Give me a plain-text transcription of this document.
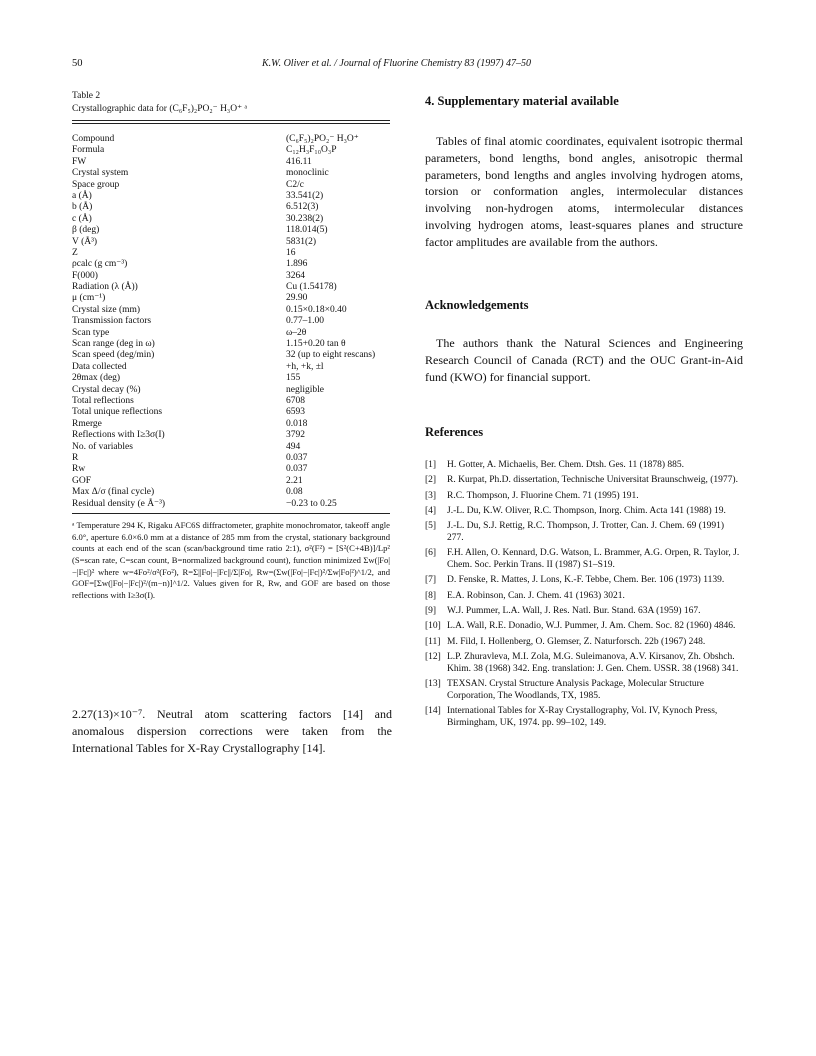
50	K.W. Oliver et al. / Journal of Fluorine Chemistry 83 (1997) 47–50
Table 2
Crystallographic data for (C₆F₅)₂PO₂⁻ H₃O⁺ ᵃ
Compound	(C₆F₅)₂PO₂⁻ H₃O⁺
Formula	C₁₂H₃F₁₀O₃P
FW	416.11
Crystal system	monoclinic
Space group	C2/c
a (Å)	33.541(2)
b (Å)	6.512(3)
c (Å)	30.238(2)
β (deg)	118.014(5)
V (Å³)	5831(2)
Z	16
ρcalc (g cm⁻³)	1.896
F(000)	3264
Radiation (λ (Å))	Cu (1.54178)
μ (cm⁻¹)	29.90
Crystal size (mm)	0.15×0.18×0.40
Transmission factors	0.77–1.00
Scan type	ω–2θ
Scan range (deg in ω)	1.15+0.20 tan θ
Scan speed (deg/min)	32 (up to eight rescans)
Data collected	+h, +k, ±l
2θmax (deg)	155
Crystal decay (%)	negligible
Total reflections	6708
Total unique reflections	6593
Rmerge	0.018
Reflections with I≥3σ(I)	3792
No. of variables	494
R	0.037
Rw	0.037
GOF	2.21
Max Δ/σ (final cycle)	0.08
Residual density (e Å⁻³)	−0.23 to 0.25
ᵃ Temperature 294 K, Rigaku AFC6S diffractometer, graphite monochromator, takeoff angle 6.0°, aperture 6.0×6.0 mm at a distance of 285 mm from the crystal, stationary background counts at each end of the scan (scan/background time ratio 2:1), σ²(F²) = [S²(C+4B)]/Lp² (S=scan rate, C=scan count, B=normalized background count), function minimized Σw(|Fo|−|Fc|)² where w=4Fo²/σ²(Fo²), R=Σ||Fo|−|Fc||/Σ|Fo|, Rw=(Σw(|Fo|−|Fc|)²/Σw|Fo|²)^1/2, and GOF=[Σw(|Fo|−|Fc|)²/(m−n)]^1/2. Values given for R, Rw, and GOF are based on those reflections with I≥3σ(I).
2.27(13)×10⁻⁷. Neutral atom scattering factors [14] and anomalous dispersion corrections were taken from the International Tables for X-Ray Crystallography [14].
4. Supplementary material available
Tables of final atomic coordinates, equivalent isotropic thermal parameters, bond lengths, bond angles, anisotropic thermal parameters, bond lengths and angles involving hydrogen atoms, torsion or conformation angles, intermolecular distances involving non-hydrogen atoms, intermolecular distances involving hydrogen atoms, least-squares planes and structure factor amplitudes are available from the authors.
Acknowledgements
The authors thank the Natural Sciences and Engineering Research Council of Canada (RCT) and the OUC Grant-in-Aid fund (KWO) for financial support.
References
[1]	H. Gotter, A. Michaelis, Ber. Chem. Dtsh. Ges. 11 (1878) 885.
[2]	R. Kurpat, Ph.D. dissertation, Technische Universitat Braunschweig, (1977).
[3]	R.C. Thompson, J. Fluorine Chem. 71 (1995) 191.
[4]	J.-L. Du, K.W. Oliver, R.C. Thompson, Inorg. Chim. Acta 141 (1988) 19.
[5]	J.-L. Du, S.J. Rettig, R.C. Thompson, J. Trotter, Can. J. Chem. 69 (1991) 277.
[6]	F.H. Allen, O. Kennard, D.G. Watson, L. Brammer, A.G. Orpen, R. Taylor, J. Chem. Soc. Perkin Trans. II (1987) S1–S19.
[7]	D. Fenske, R. Mattes, J. Lons, K.-F. Tebbe, Chem. Ber. 106 (1973) 1139.
[8]	E.A. Robinson, Can. J. Chem. 41 (1963) 3021.
[9]	W.J. Pummer, L.A. Wall, J. Res. Natl. Bur. Stand. 63A (1959) 167.
[10] L.A. Wall, R.E. Donadio, W.J. Pummer, J. Am. Chem. Soc. 82 (1960) 4846.
[11] M. Fild, I. Hollenberg, O. Glemser, Z. Naturforsch. 22b (1967) 248.
[12] L.P. Zhuravleva, M.I. Zola, M.G. Suleimanova, A.V. Kirsanov, Zh. Obshch. Khim. 38 (1968) 342. Eng. translation: J. Gen. Chem. USSR. 38 (1968) 341.
[13] TEXSAN. Crystal Structure Analysis Package, Molecular Structure Corporation, The Woodlands, TX, 1985.
[14] International Tables for X-Ray Crystallography, Vol. IV, Kynoch Press, Birmingham, UK, 1974. pp. 99–102, 149.
